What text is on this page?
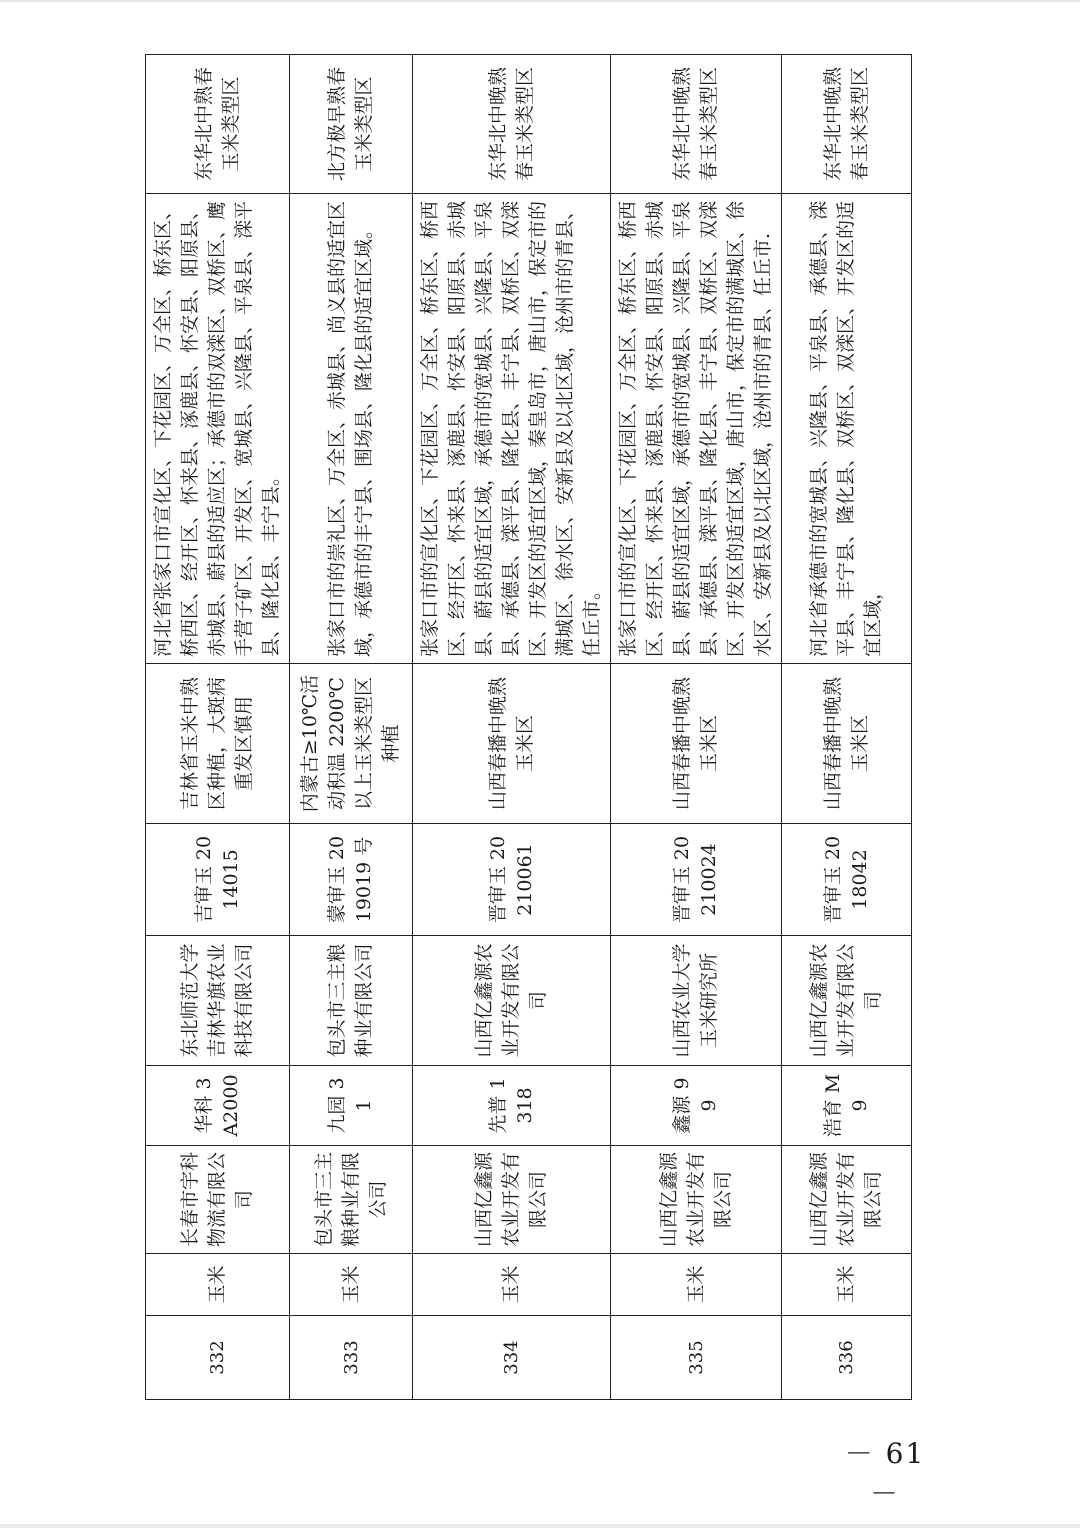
332	玉米	长春市宇科物流有限公司	华科 3A2000	东北师范大学 吉林华旗农业科技有限公司	吉审玉 2014015	吉林省玉米中熟区种植，大斑病重发区慎用	河北省张家口市宣化区、下花园区、万全区、桥东区、桥西区、经开区、怀来县、涿鹿县、怀安县、阳原县、赤城县、蔚县的适应区；承德市的双滦区、双桥区、鹰手营子矿区、开发区、宽城县、兴隆县、平泉县、滦平县、隆化县、丰宁县。	东华北中熟春玉米类型区
333	玉米	包头市三主粮种业有限公司	九园 31	包头市三主粮种业有限公司	蒙审玉 2019019 号	内蒙古≥10℃活动积温 2200℃以上玉米类型区种植	张家口市的崇礼区、万全区、赤城县、尚义县的适宜区域，承德市的丰宁县、围场县、隆化县的适宜区域。	北方极早熟春玉米类型区
334	玉米	山西亿鑫源农业开发有限公司	先普 1318	山西亿鑫源农业开发有限公司	晋审玉 20210061	山西春播中晚熟玉米区	张家口市的宣化区、下花园区、万全区、桥东区、桥西区、经开区、怀来县、涿鹿县、怀安县、阳原县、赤城县、蔚县的适宜区域，承德市的宽城县、兴隆县、平泉县、承德县、滦平县、隆化县、丰宁县、双桥区、双滦区、开发区的适宜区域，秦皇岛市，唐山市，保定市的满城区、徐水区、安新县及以北区域，沧州市的青县、任丘市。	东华北中晚熟春玉米类型区
335	玉米	山西亿鑫源农业开发有限公司	鑫源 99	山西农业大学玉米研究所	晋审玉 20210024	山西春播中晚熟玉米区	张家口市的宣化区、下花园区、万全区、桥东区、桥西区、经开区、怀来县、涿鹿县、怀安县、阳原县、赤城县、蔚县的适宜区域，承德市的宽城县、兴隆县、平泉县、承德县、滦平县、隆化县、丰宁县、双桥区、双滦区、开发区的适宜区域，唐山市，保定市的满城区、徐水区、安新县及以北区域，沧州市的青县、任丘市.	东华北中晚熟春玉米类型区
336	玉米	山西亿鑫源农业开发有限公司	浩育 M9	山西亿鑫源农业开发有限公司	晋审玉 2018042	山西春播中晚熟玉米区	河北省承德市的宽城县、兴隆县、平泉县、承德县、滦平县、丰宁县、隆化县、双桥区、双滦区、开发区的适宜区域，	东华北中晚熟春玉米类型区
－ 61 －
